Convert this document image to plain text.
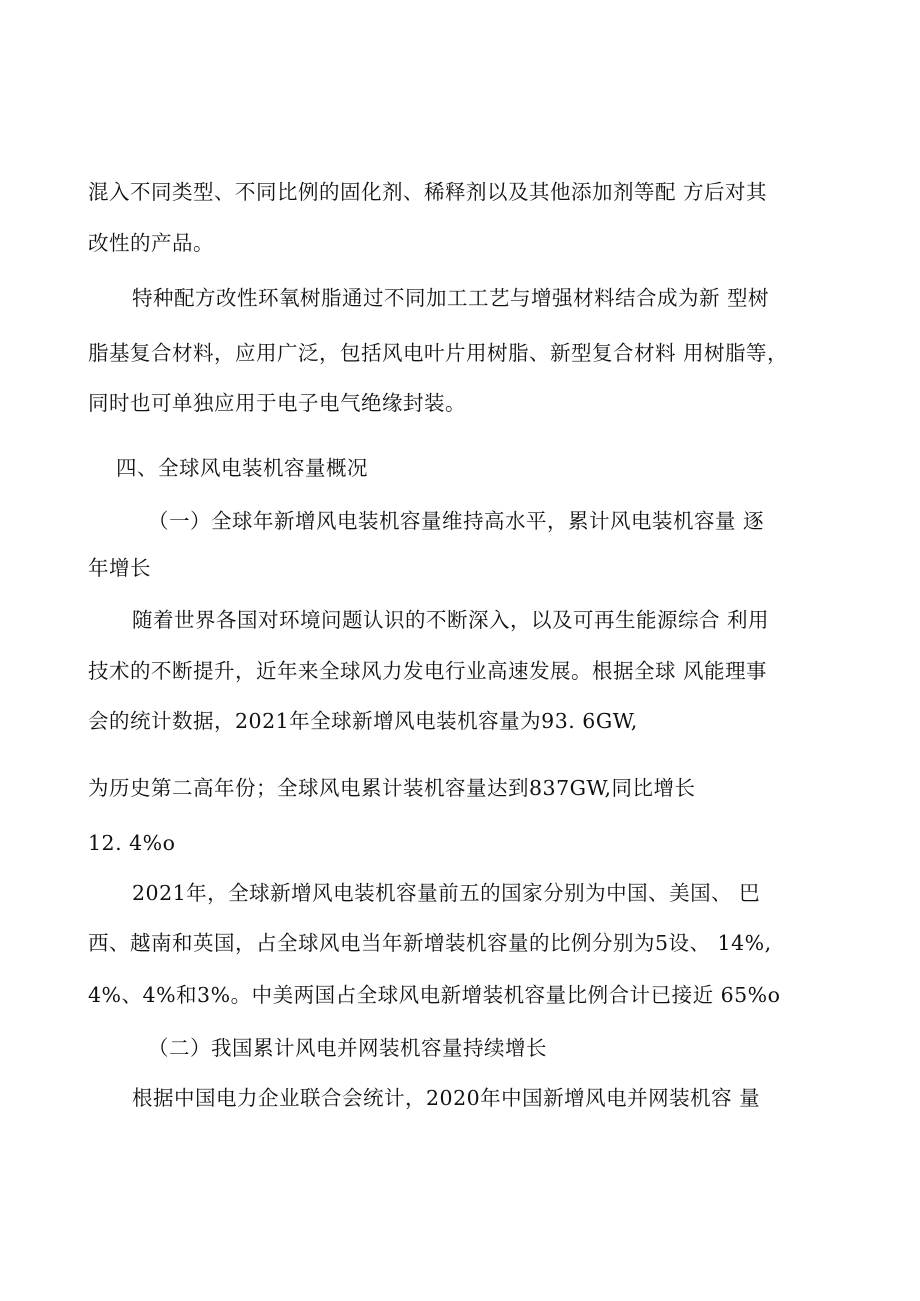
混入不同类型、不同比例的固化剂、稀释剂以及其他添加剂等配 方后对其
改性的产品。
特种配方改性环氧树脂通过不同加工工艺与增强材料结合成为新 型树
脂基复合材料，应用广泛，包括风电叶片用树脂、新型复合材料 用树脂等，
同时也可单独应用于电子电气绝缘封装。
四、全球风电装机容量概况
（一）全球年新增风电装机容量维持高水平，累计风电装机容量 逐
年增长
随着世界各国对环境问题认识的不断深入，以及可再生能源综合 利用
技术的不断提升，近年来全球风力发电行业高速发展。根据全球 风能理事
会的统计数据，2021年全球新增风电装机容量为93. 6GW,
为历史第二高年份；全球风电累计装机容量达到837GW,同比增长
12. 4%o
2021年，全球新增风电装机容量前五的国家分别为中国、美国、 巴
西、越南和英国，占全球风电当年新增装机容量的比例分别为5设、 14%,
4%、4%和3%。中美两国占全球风电新增装机容量比例合计已接近 65%o
（二）我国累计风电并网装机容量持续增长
根据中国电力企业联合会统计，2020年中国新增风电并网装机容 量
